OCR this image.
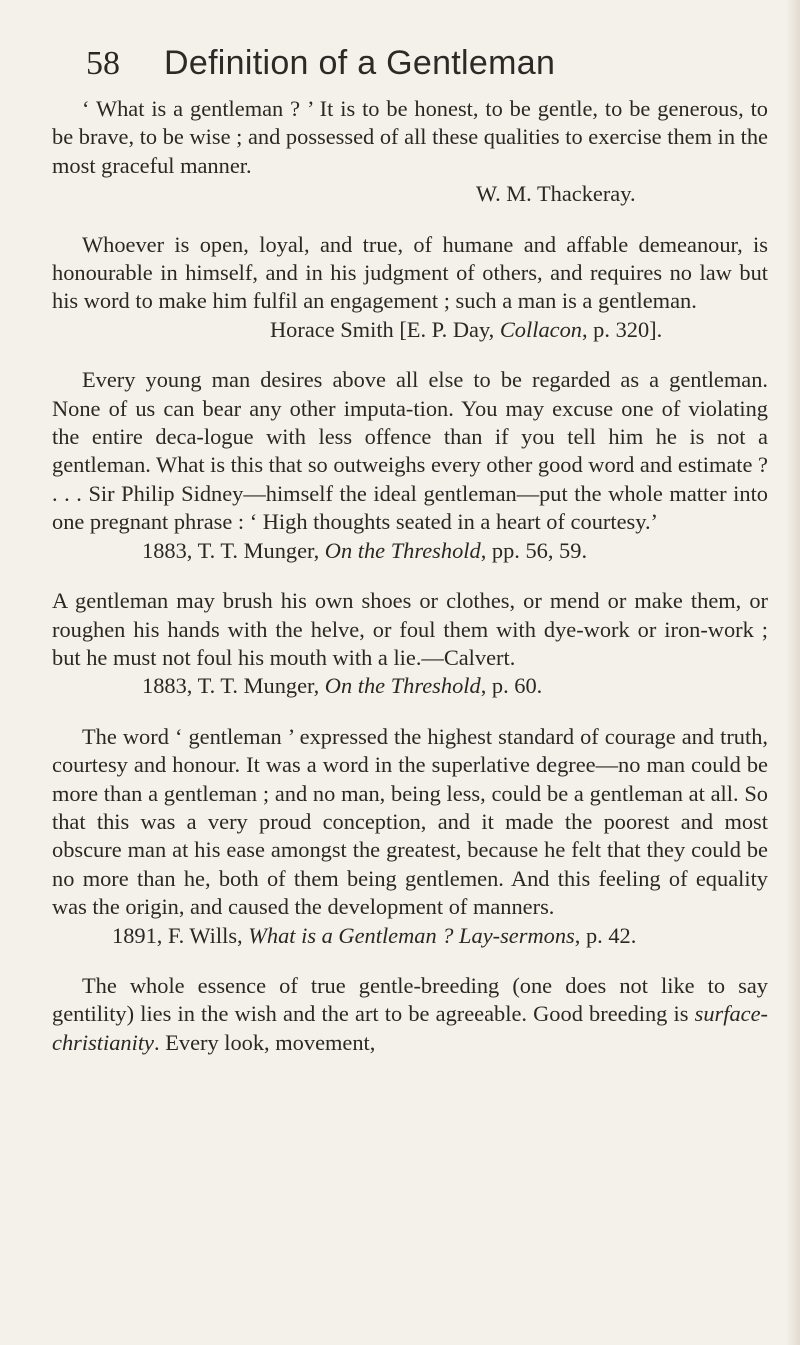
58	Definition of a Gentleman

‘ What is a gentleman ? ’ It is to be honest, to be gentle, to be generous, to be brave, to be wise ; and possessed of all these qualities to exercise them in the most graceful manner.

W. M. Thackeray.

Whoever is open, loyal, and true, of humane and affable demeanour, is honourable in himself, and in his judgment of others, and requires no law but his word to make him fulfil an engagement ; such a man is a gentleman.

Horace Smith [E. P. Day, Collacon, p. 320].

Every young man desires above all else to be regarded as a gentleman. None of us can bear any other imputa-tion. You may excuse one of violating the entire deca-logue with less offence than if you tell him he is not a gentleman. What is this that so outweighs every other good word and estimate ? . . . Sir Philip Sidney—himself the ideal gentleman—put the whole matter into one pregnant phrase : ‘ High thoughts seated in a heart of courtesy.’

1883, T. T. Munger, On the Threshold, pp. 56, 59.

A gentleman may brush his own shoes or clothes, or mend or make them, or roughen his hands with the helve, or foul them with dye-work or iron-work ; but he must not foul his mouth with a lie.—Calvert.

1883, T. T. Munger, On the Threshold, p. 60.

The word ‘ gentleman ’ expressed the highest standard of courage and truth, courtesy and honour. It was a word in the superlative degree—no man could be more than a gentleman ; and no man, being less, could be a gentleman at all. So that this was a very proud conception, and it made the poorest and most obscure man at his ease amongst the greatest, because he felt that they could be no more than he, both of them being gentlemen. And this feeling of equality was the origin, and caused the development of manners.

1891, F. Wills, What is a Gentleman ? Lay-sermons, p. 42.

The whole essence of true gentle-breeding (one does not like to say gentility) lies in the wish and the art to be agreeable. Good breeding is surface-christianity. Every look, movement,
